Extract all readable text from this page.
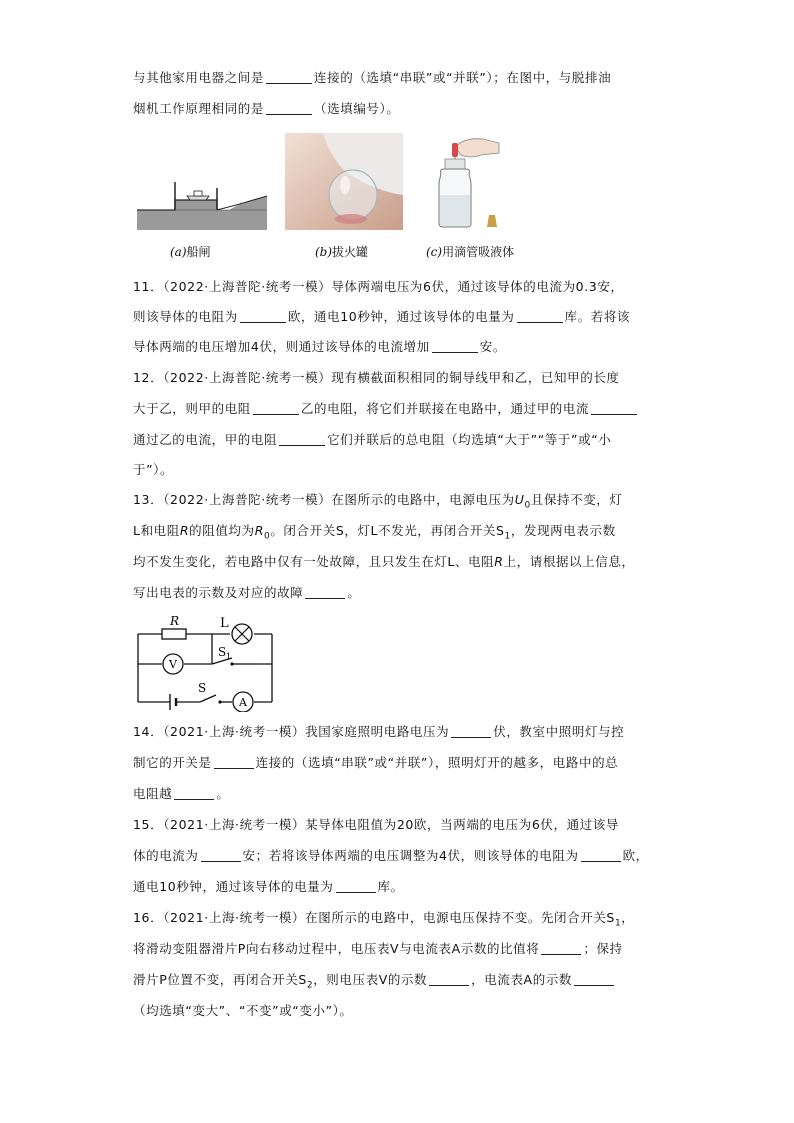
与其他家用电器之间是	连接的（选填“串联”或“并联”）；在图中，与脱排油
烟机工作原理相同的是	（选填编号）。
(a)船闸	(b)拔火罐	(c)用滴管吸液体
11．（2022·上海普陀·统考一模）导体两端电压为6伏，通过该导体的电流为0.3安，
则该导体的电阻为	欧，通电10秒钟，通过该导体的电量为	库。若将该
导体两端的电压增加4伏，则通过该导体的电流增加	安。
12．（2022·上海普陀·统考一模）现有横截面积相同的铜导线甲和乙，已知甲的长度
大于乙，则甲的电阻	乙的电阻，将它们并联接在电路中，通过甲的电流
通过乙的电流，甲的电阻	它们并联后的总电阻（均选填“大于”“等于”或“小
于”）。
13．（2022·上海普陀·统考一模）在图所示的电路中，电源电压为$U_0$且保持不变，灯
L和电阻R的阻值均为$R_0$。闭合开关S，灯L不发光，再闭合开关$S_1$，发现两电表示数
均不发生变化，若电路中仅有一处故障，且只发生在灯L、电阻R上，请根据以上信息，
写出电表的示数及对应的故障	。
R	L
V
A
S 1
S
14．（2021·上海·统考一模）我国家庭照明电路电压为	伏，教室中照明灯与控
制它的开关是	连接的（选填“串联”或“并联”），照明灯开的越多，电路中的总
电阻越	。
15．（2021·上海·统考一模）某导体电阻值为20欧，当两端的电压为6伏，通过该导
体的电流为	安；若将该导体两端的电压调整为4伏，则该导体的电阻为	欧，
通电10秒钟，通过该导体的电量为	库。
16．（2021·上海·统考一模）在图所示的电路中，电源电压保持不变。先闭合开关$S_1$，
将滑动变阻器滑片P向右移动过程中，电压表V与电流表A示数的比值将	；保持
滑片P位置不变，再闭合开关$S_2$，则电压表V的示数	，电流表A的示数
（均选填“变大”、“不变”或“变小”）。
